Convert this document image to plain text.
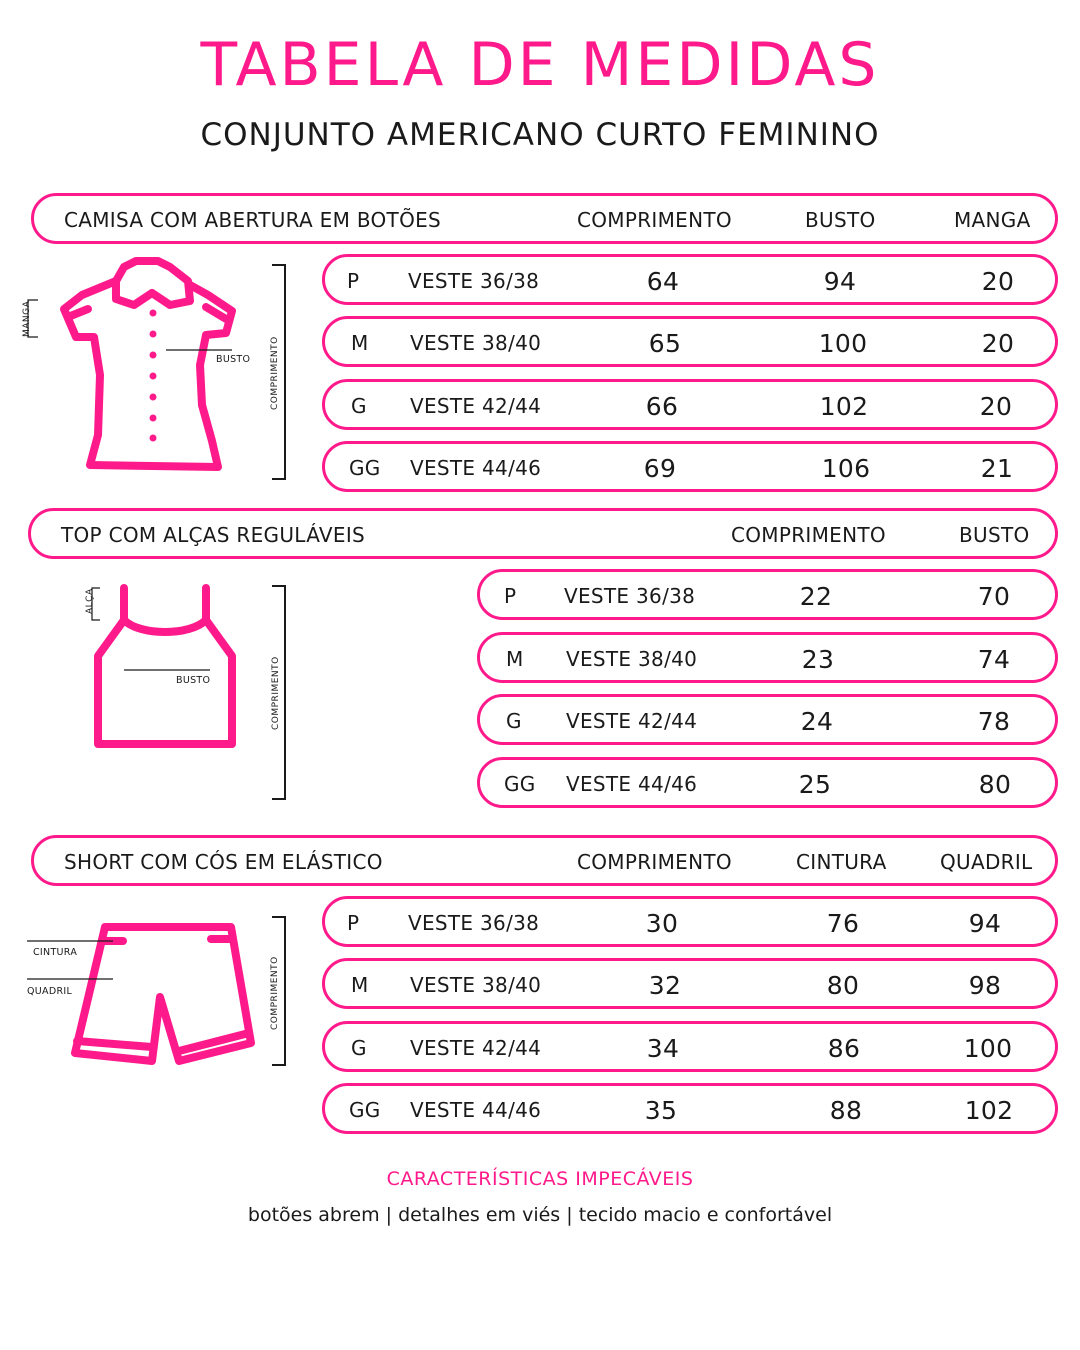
TABELA DE MEDIDAS
CONJUNTO AMERICANO CURTO FEMININO
CAMISA COM ABERTURA EM BOTÕES	COMPRIMENTO	BUSTO	MANGA
P VESTE 36/38	64	94	20
M VESTE 38/40	65	100	20
G VESTE 42/44	66	102	20
GG VESTE 44/46	69	106	21
MANGA
BUSTO COMPRIMENTO
TOP COM ALÇAS REGULÁVEIS	COMPRIMENTO	BUSTO
P VESTE 36/38	22	70
M VESTE 38/40	23	74
G VESTE 42/44	24	78
GG VESTE 44/46	25	80
ALÇA
BUSTO	COMPRIMENTO
SHORT COM CÓS EM ELÁSTICO	COMPRIMENTO	CINTURA	QUADRIL
P VESTE 36/38	30	76	94
M VESTE 38/40	32	80	98
G VESTE 42/44	34	86	100
GG VESTE 44/46	35	88	102
CINTURA
QUADRIL	COMPRIMENTO
CARACTERÍSTICAS IMPECÁVEIS
botões abrem | detalhes em viés | tecido macio e confortável
